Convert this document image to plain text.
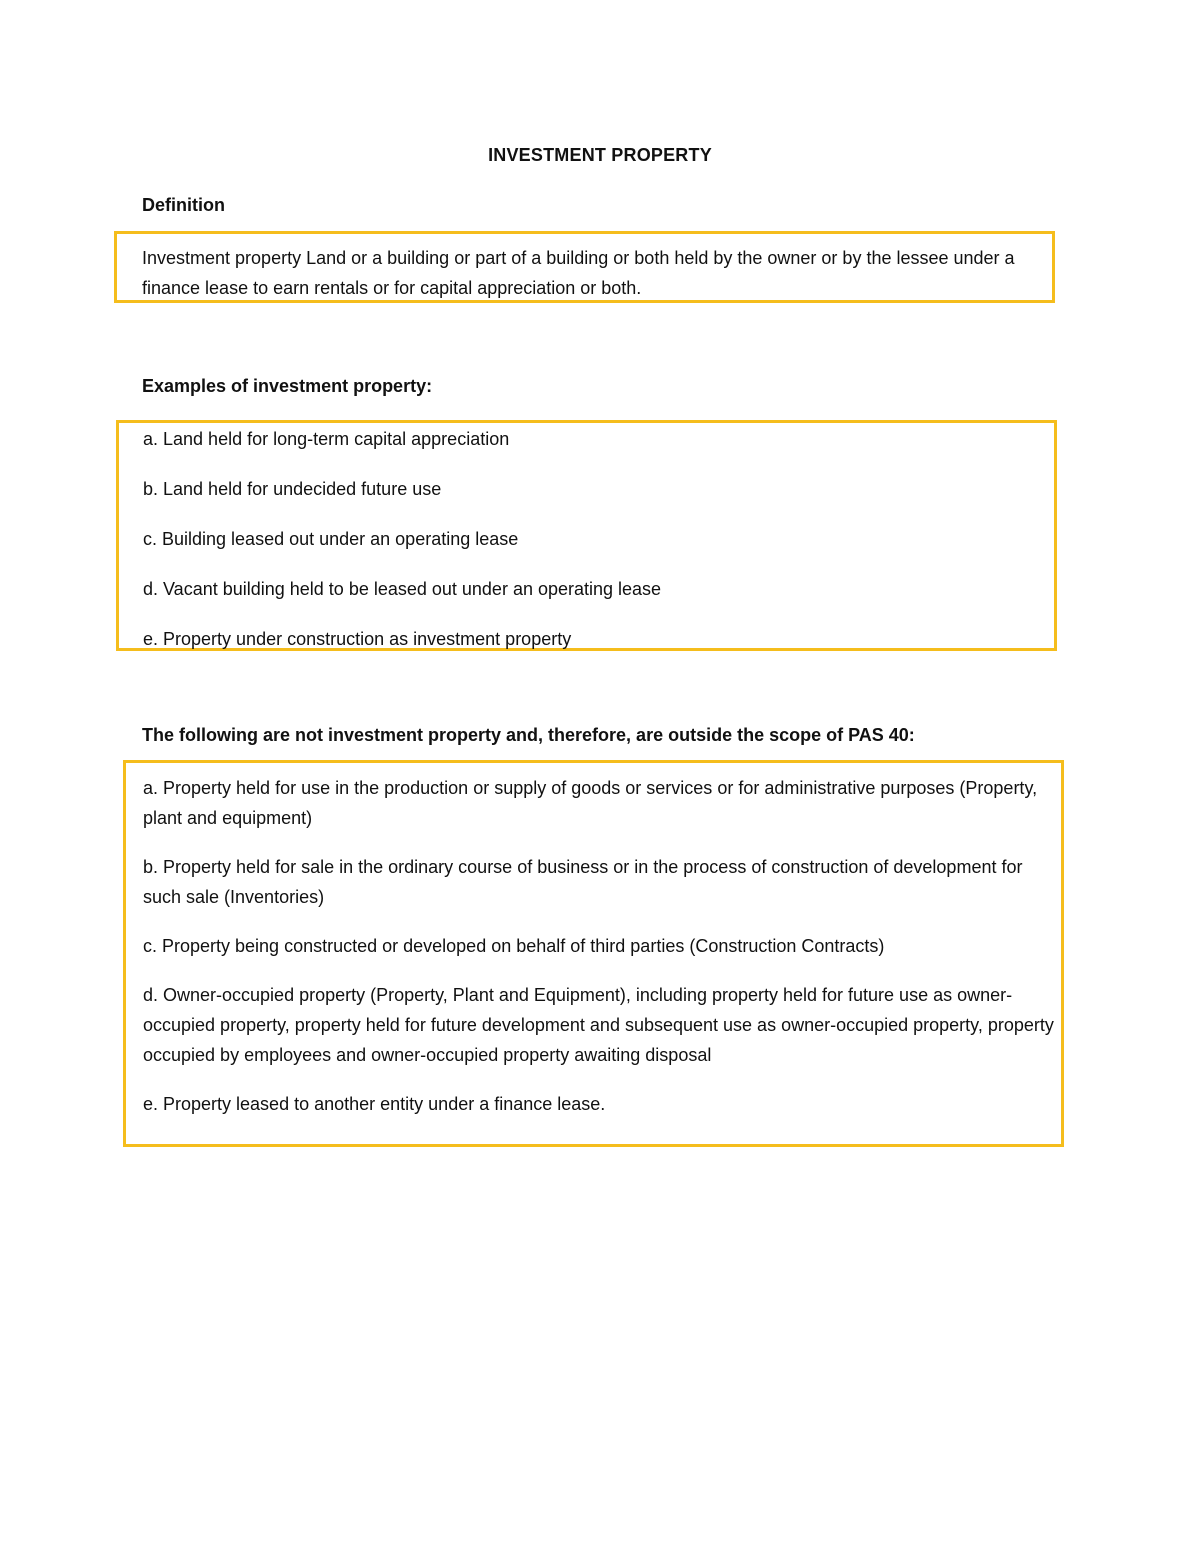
INVESTMENT PROPERTY
Definition

Investment property Land or a building or part of a building or both held by the owner or by the lessee under a finance lease to earn rentals or for capital appreciation or both.

Examples of investment property:

a. Land held for long-term capital appreciation

b. Land held for undecided future use

c. Building leased out under an operating lease

d. Vacant building held to be leased out under an operating lease

e. Property under construction as investment property

The following are not investment property and, therefore, are outside the scope of PAS 40:

a. Property held for use in the production or supply of goods or services or for administrative purposes (Property, plant and equipment)

b. Property held for sale in the ordinary course of business or in the process of construction of development for such sale (Inventories)

c. Property being constructed or developed on behalf of third parties (Construction Contracts)

d. Owner-occupied property (Property, Plant and Equipment), including property held for future use as owner-occupied property, property held for future development and subsequent use as owner-occupied property, property occupied by employees and owner-occupied property awaiting disposal

e. Property leased to another entity under a finance lease.
